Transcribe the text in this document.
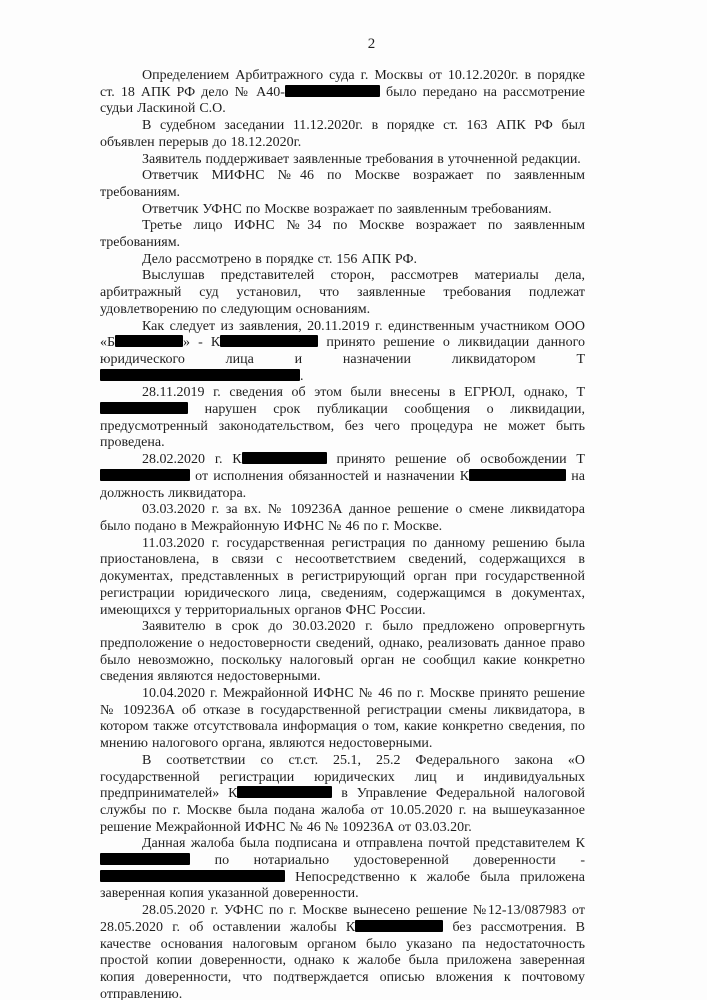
2

Определением Арбитражного суда г. Москвы от 10.12.2020г. в порядке ст. 18 АПК РФ дело № А40-	было передано на рассмотрение судьи Ласкиной С.О.

В судебном заседании 11.12.2020г. в порядке ст. 163 АПК РФ был объявлен перерыв до 18.12.2020г.

Заявитель поддерживает заявленные требования в уточненной редакции.

Ответчик МИФНС №46 по Москве возражает по заявленным требованиям.

Ответчик УФНС по Москве возражает по заявленным требованиям.

Третье лицо ИФНС №34 по Москве возражает по заявленным требованиям.

Дело рассмотрено в порядке ст. 156 АПК РФ.

Выслушав представителей сторон, рассмотрев материалы дела, арбитражный суд установил, что заявленные требования подлежат удовлетворению по следующим основаниям.

Как следует из заявления, 20.11.2019 г. единственным участником ООО «Б	» - К	принято решение о ликвидации данного юридического лица и назначении ликвидатором Т.

28.11.2019 г. сведения об этом были внесены в ЕГРЮЛ, однако, Т нарушен срок публикации сообщения о ликвидации, предусмотренный законодательством, без чего процедура не может быть проведена.

28.02.2020 г. К	принято решение об освобождении Т от исполнения обязанностей и назначении К	на должность ликвидатора.

03.03.2020 г. за вх. № 109236А данное решение о смене ликвидатора было подано в Межрайонную ИФНС № 46 по г. Москве.

11.03.2020 г. государственная регистрация по данному решению была приостановлена, в связи с несоответствием сведений, содержащихся в документах, представленных в регистрирующий орган при государственной регистрации юридического лица, сведениям, содержащимся в документах, имеющихся у территориальных органов ФНС России.

Заявителю в срок до 30.03.2020 г. было предложено опровергнуть предположение о недостоверности сведений, однако, реализовать данное право было невозможно, поскольку налоговый орган не сообщил какие конкретно сведения являются недостоверными.

10.04.2020 г. Межрайонной ИФНС № 46 по г. Москве принято решение № 109236А об отказе в государственной регистрации смены ликвидатора, в котором также отсутствовала информация о том, какие конкретно сведения, по мнению налогового органа, являются недостоверными.

В соответствии со ст.ст. 25.1, 25.2 Федерального закона «О государственной регистрации юридических лиц и индивидуальных предпринимателей» К	в Управление Федеральной налоговой службы по г. Москве была подана жалоба от 10.05.2020 г. на вышеуказанное решение Межрайонной ИФНС № 46 № 109236А от 03.03.20г.

Данная жалоба была подписана и отправлена почтой представителем К по нотариально удостоверенной доверенности -  Непосредственно к жалобе была приложена заверенная копия указанной доверенности.

28.05.2020 г. УФНС по г. Москве вынесено решение №12-13/087983 от 28.05.2020 г. об оставлении жалобы К	без рассмотрения. В качестве основания налоговым органом было указано па недостаточность простой копии доверенности, однако к жалобе была приложена заверенная копия доверенности, что подтверждается описью вложения к почтовому отправлению.
